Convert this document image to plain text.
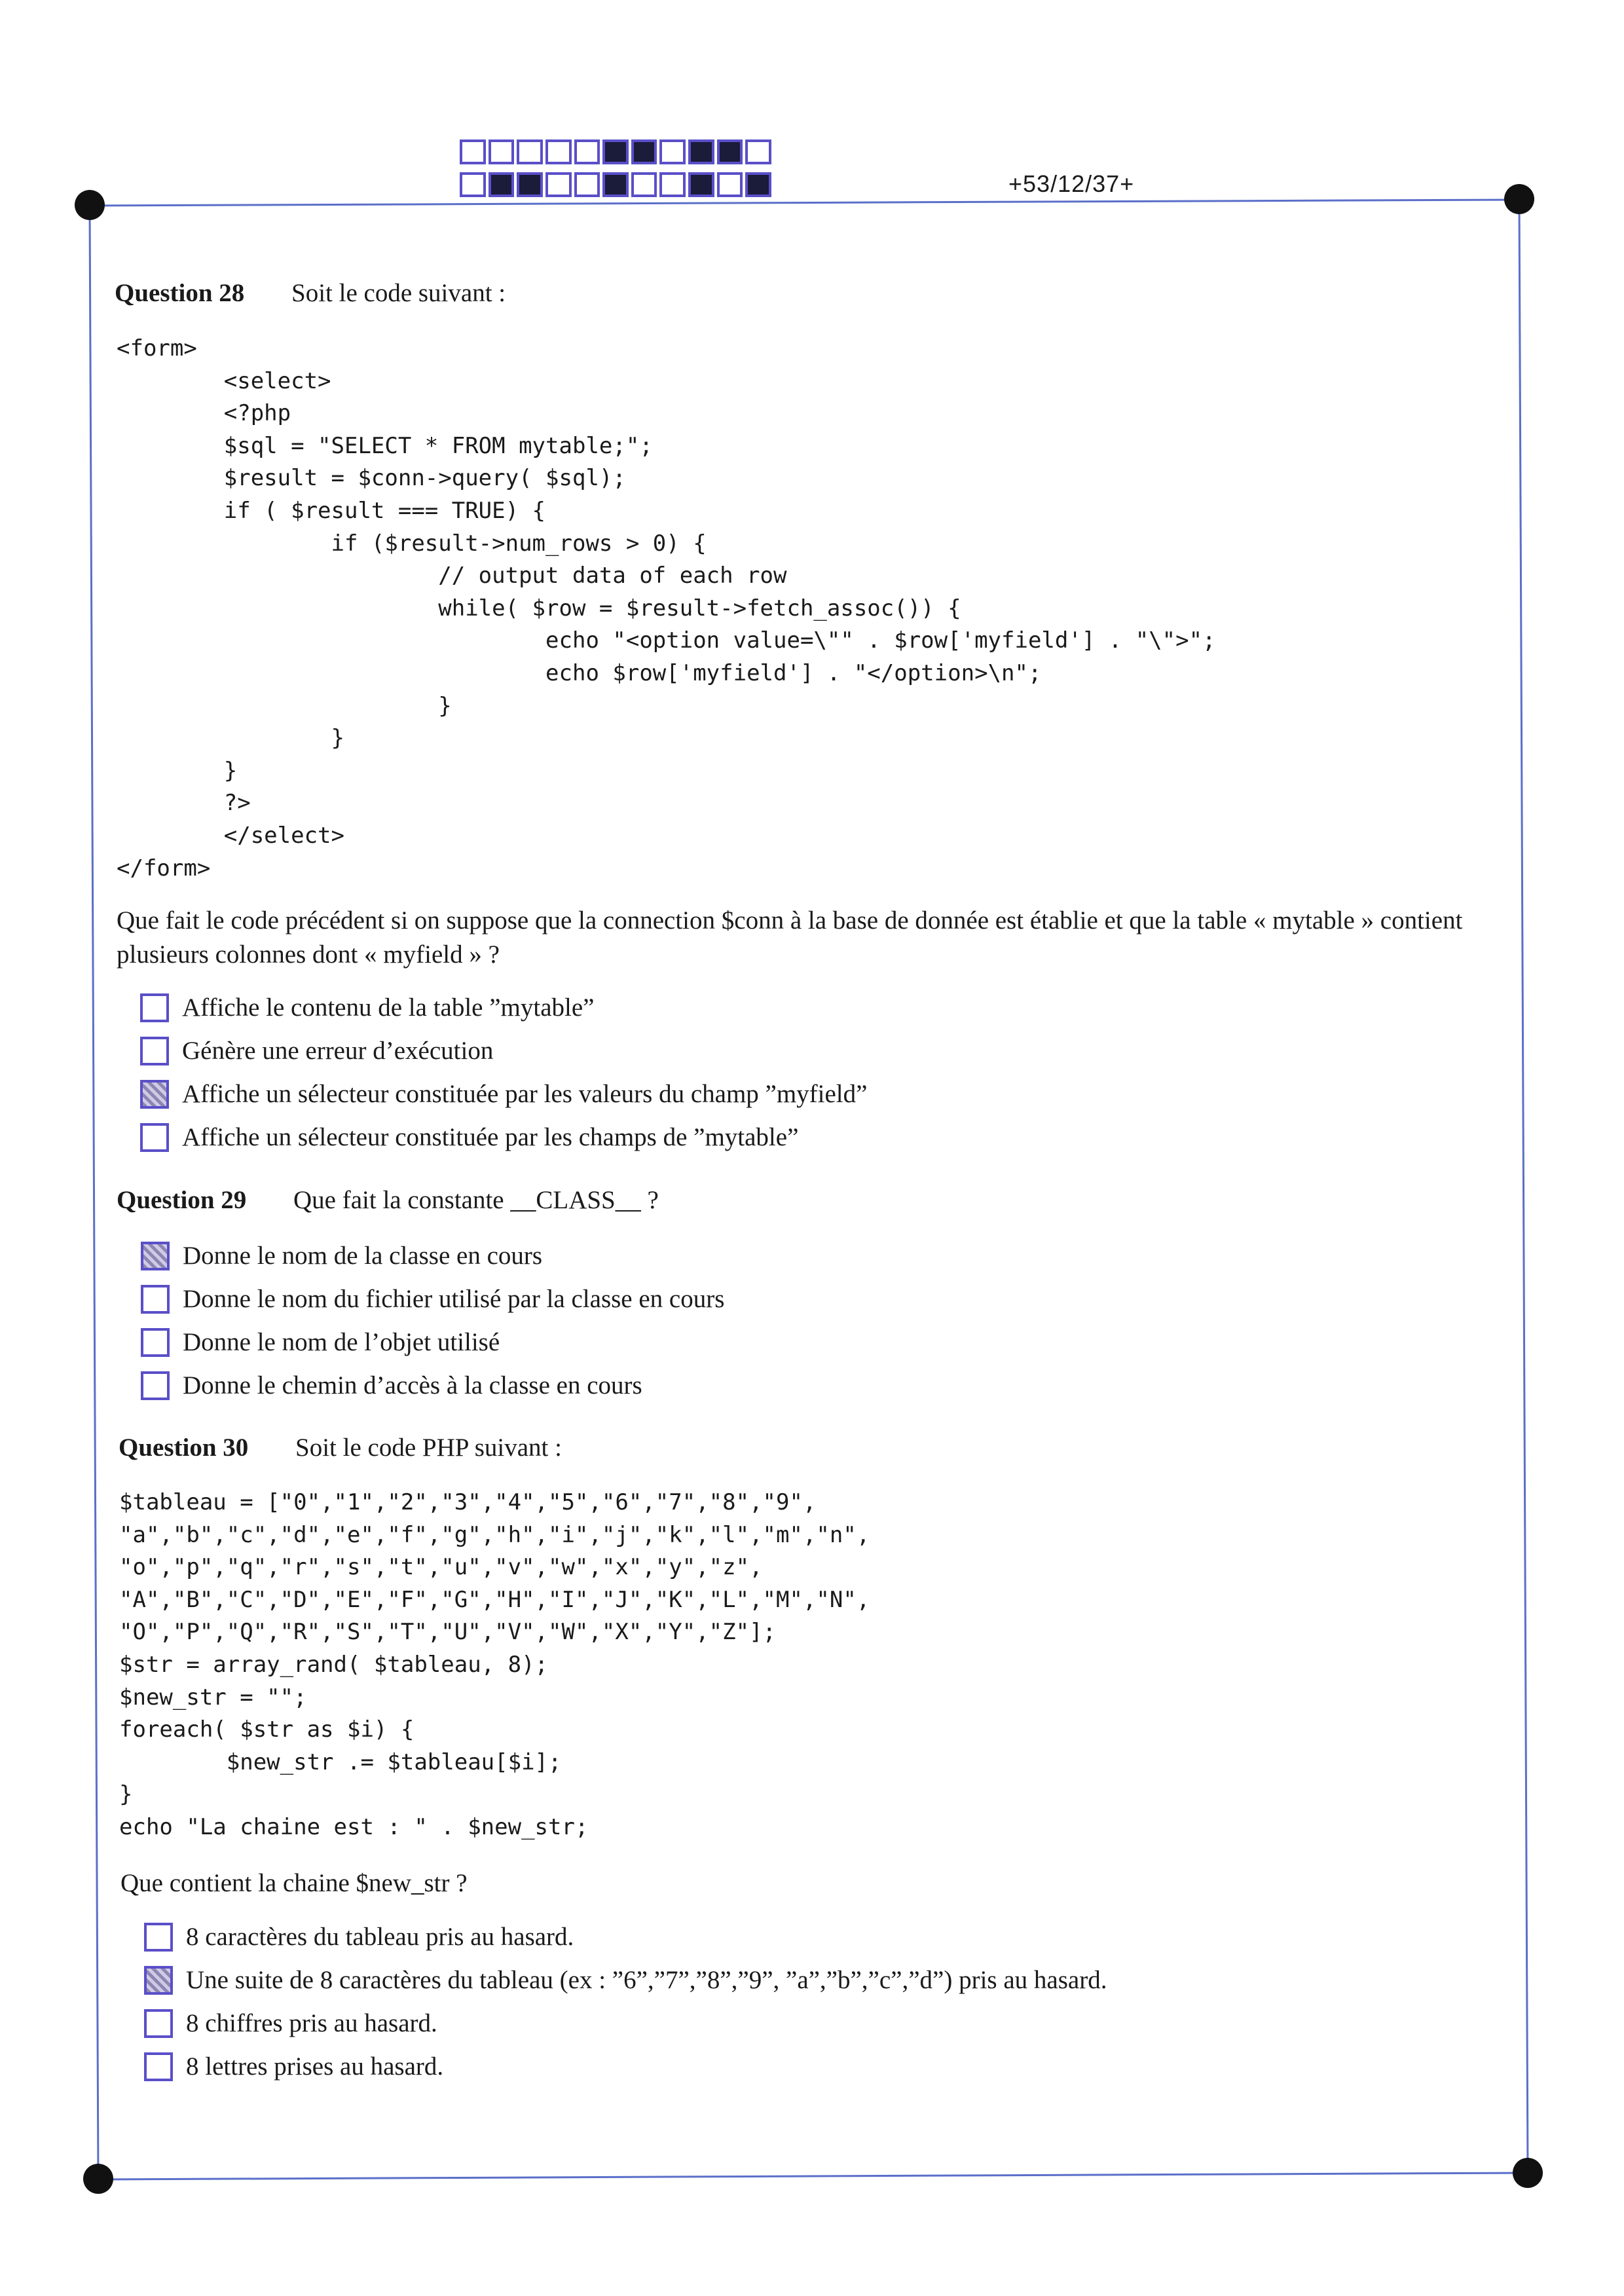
+53/12/37+
Question 28 Soit le code suivant :
<form>
<select>
<?php
$sql = "SELECT * FROM mytable;";
$result = $conn->query( $sql);
if ( $result === TRUE) {
if ($result->num_rows > 0) {
// output data of each row
while( $row = $result->fetch_assoc()) {
echo "<option value=\"" . $row['myfield'] . "\">";
echo $row['myfield'] . "</option>\n";
}
}
}
?>
</select>
</form>

Que fait le code précédent si on suppose que la connection $conn à la base de donnée est établie et que la table « mytable » contient plusieurs colonnes dont « myfield » ?

Affiche le contenu de la table ”mytable”
Génère une erreur d’exécution
Affiche un sélecteur constituée par les valeurs du champ ”myfield”
Affiche un sélecteur constituée par les champs de ”mytable”
Question 29 Que fait la constante __CLASS__ ?
Donne le nom de la classe en cours
Donne le nom du fichier utilisé par la classe en cours
Donne le nom de l’objet utilisé
Donne le chemin d’accès à la classe en cours
Question 30 Soit le code PHP suivant :
$tableau = ["0","1","2","3","4","5","6","7","8","9",
"a","b","c","d","e","f","g","h","i","j","k","l","m","n",
"o","p","q","r","s","t","u","v","w","x","y","z",
"A","B","C","D","E","F","G","H","I","J","K","L","M","N",
"O","P","Q","R","S","T","U","V","W","X","Y","Z"];
$str = array_rand( $tableau, 8);
$new_str = "";
foreach( $str as $i) {
$new_str .= $tableau[$i];
}
echo "La chaine est : " . $new_str;

Que contient la chaine $new_str ?

8 caractères du tableau pris au hasard.
Une suite de 8 caractères du tableau (ex : ”6”,”7”,”8”,”9”, ”a”,”b”,”c”,”d”) pris au hasard.
8 chiffres pris au hasard.
8 lettres prises au hasard.
